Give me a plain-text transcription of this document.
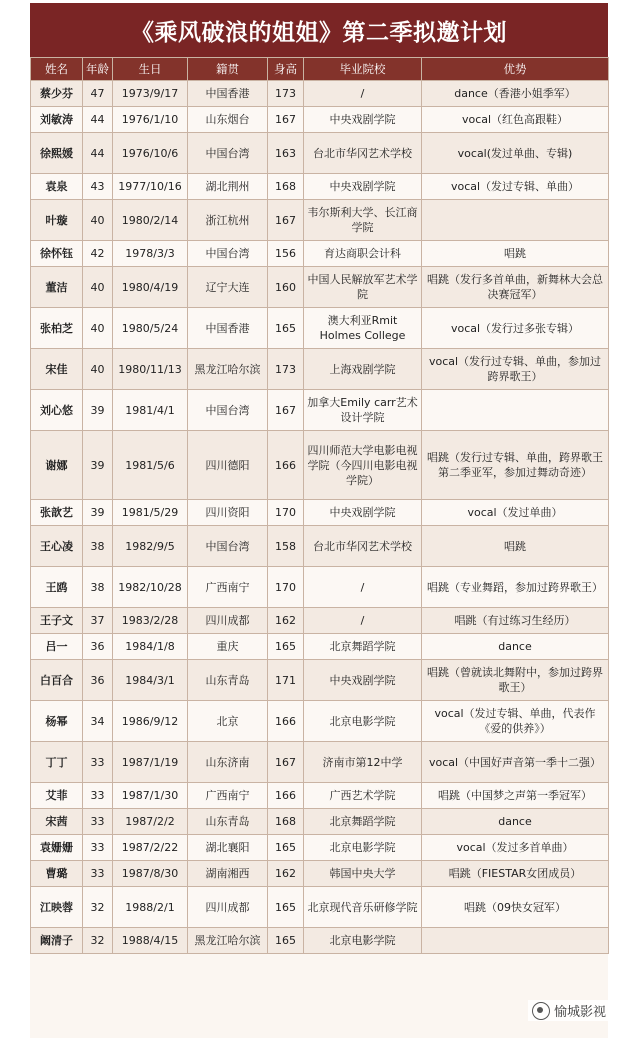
《乘风破浪的姐姐》第二季拟邀计划
姓名	年龄	生日	籍贯	身高	毕业院校	优势
蔡少芬	47	1973/9/17	中国香港	173	/	dance（香港小姐季军）
刘敏涛	44	1976/1/10	山东烟台	167	中央戏剧学院	vocal（红色高跟鞋）
徐熙媛	44	1976/10/6	中国台湾	163	台北市华冈艺术学校	vocal(发过单曲、专辑)
袁泉	43	1977/10/16	湖北荆州	168	中央戏剧学院	vocal（发过专辑、单曲）
叶璇	40	1980/2/14	浙江杭州	167	韦尔斯利大学、长江商学院	
徐怀钰	42	1978/3/3	中国台湾	156	育达商职会计科	唱跳
董洁	40	1980/4/19	辽宁大连	160	中国人民解放军艺术学院	唱跳（发行多首单曲，新舞林大会总决赛冠军）
张柏芝	40	1980/5/24	中国香港	165	澳大利亚Rmit Holmes College	vocal（发行过多张专辑）
宋佳	40	1980/11/13	黑龙江哈尔滨	173	上海戏剧学院	vocal（发行过专辑、单曲，参加过跨界歌王）
刘心悠	39	1981/4/1	中国台湾	167	加拿大Emily carr艺术设计学院	
谢娜	39	1981/5/6	四川德阳	166	四川师范大学电影电视学院（今四川电影电视学院）	唱跳（发行过专辑、单曲，跨界歌王第二季亚军，参加过舞动奇迹）
张歆艺	39	1981/5/29	四川资阳	170	中央戏剧学院	vocal（发过单曲）
王心凌	38	1982/9/5	中国台湾	158	台北市华冈艺术学校	唱跳
王鸥	38	1982/10/28	广西南宁	170	/	唱跳（专业舞蹈，参加过跨界歌王）
王子文	37	1983/2/28	四川成都	162	/	唱跳（有过练习生经历）
吕一	36	1984/1/8	重庆	165	北京舞蹈学院	dance
白百合	36	1984/3/1	山东青岛	171	中央戏剧学院	唱跳（曾就读北舞附中，参加过跨界歌王）
杨幂	34	1986/9/12	北京	166	北京电影学院	vocal（发过专辑、单曲，代表作《爱的供养》）
丁丁	33	1987/1/19	山东济南	167	济南市第12中学	vocal（中国好声音第一季十二强）
艾菲	33	1987/1/30	广西南宁	166	广西艺术学院	唱跳（中国梦之声第一季冠军）
宋茜	33	1987/2/2	山东青岛	168	北京舞蹈学院	dance
袁姗姗	33	1987/2/22	湖北襄阳	165	北京电影学院	vocal（发过多首单曲）
曹璐	33	1987/8/30	湖南湘西	162	韩国中央大学	唱跳（FIESTAR女团成员）
江映蓉	32	1988/2/1	四川成都	165	北京现代音乐研修学院	唱跳（09快女冠军）
阚清子	32	1988/4/15	黑龙江哈尔滨	165	北京电影学院	
愉城影视
